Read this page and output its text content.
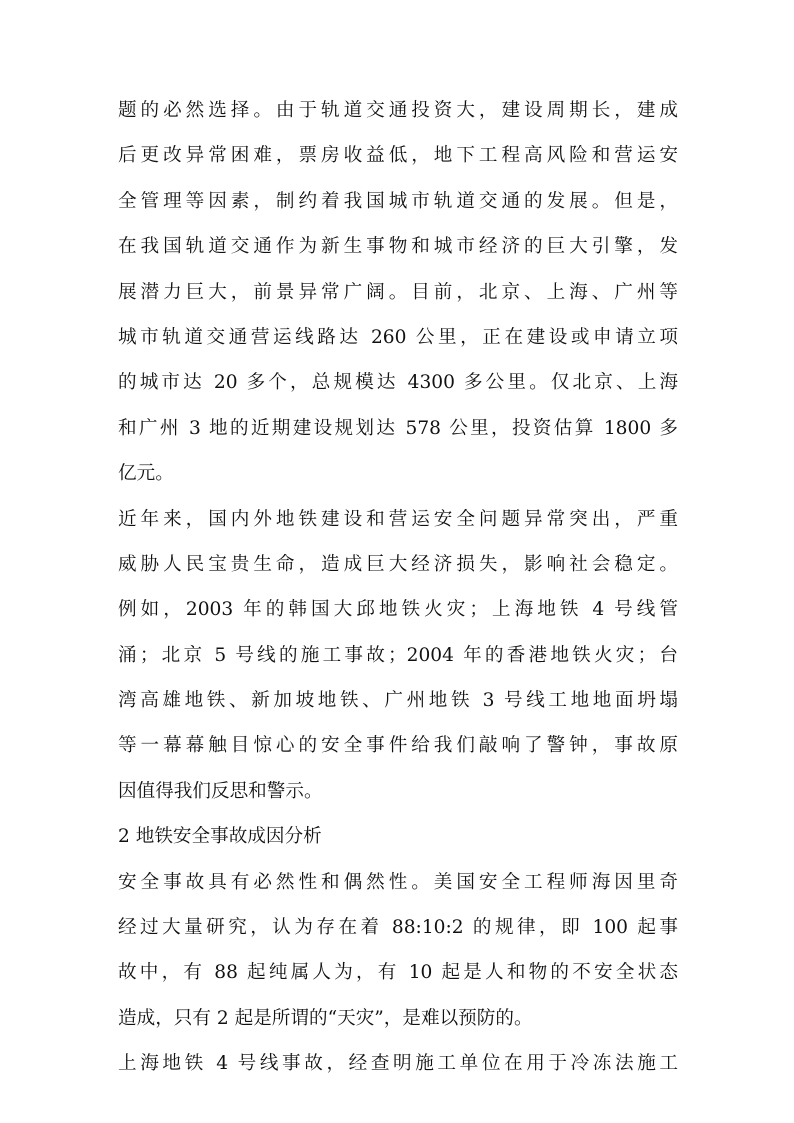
题的必然选择。由于轨道交通投资大，建设周期长，建成
后更改异常困难，票房收益低，地下工程高风险和营运安
全管理等因素，制约着我国城市轨道交通的发展。但是，
在我国轨道交通作为新生事物和城市经济的巨大引擎，发
展潜力巨大，前景异常广阔。目前，北京、上海、广州等
城市轨道交通营运线路达 260 公里，正在建设或申请立项
的城市达 20 多个，总规模达 4300 多公里。仅北京、上海
和广州 3 地的近期建设规划达 578 公里，投资估算 1800 多
亿元。
近年来，国内外地铁建设和营运安全问题异常突出，严重
威胁人民宝贵生命，造成巨大经济损失，影响社会稳定。
例如，2003 年的韩国大邱地铁火灾；上海地铁 4 号线管
涌；北京 5 号线的施工事故；2004 年的香港地铁火灾；台
湾高雄地铁、新加坡地铁、广州地铁 3 号线工地地面坍塌
等一幕幕触目惊心的安全事件给我们敲响了警钟，事故原
因值得我们反思和警示。
2 地铁安全事故成因分析
安全事故具有必然性和偶然性。美国安全工程师海因里奇
经过大量研究，认为存在着 88:10:2 的规律，即 100 起事
故中，有 88 起纯属人为，有 10 起是人和物的不安全状态
造成，只有 2 起是所谓的“天灾”，是难以预防的。
上海地铁 4 号线事故，经查明施工单位在用于冷冻法施工
